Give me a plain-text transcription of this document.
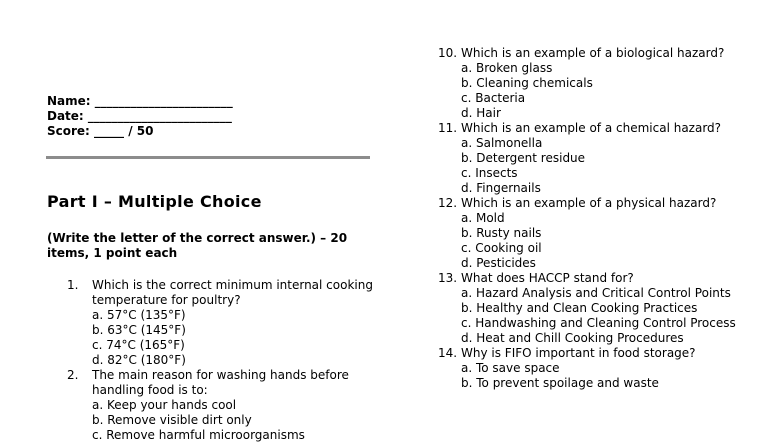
Name: _______________________
Date: ________________________
Score: _____ / 50
Part I – Multiple Choice
(Write the letter of the correct answer.) – 20 items, 1 point each
1.	Which is the correct minimum internal cooking temperature for poultry?
a. 57°C (135°F)
b. 63°C (145°F)
c. 74°C (165°F)
d. 82°C (180°F)
2.	The main reason for washing hands before handling food is to:
a. Keep your hands cool
b. Remove visible dirt only
c. Remove harmful microorganisms
10. Which is an example of a biological hazard?
a. Broken glass
b. Cleaning chemicals
c. Bacteria
d. Hair
11. Which is an example of a chemical hazard?
a. Salmonella
b. Detergent residue
c. Insects
d. Fingernails
12. Which is an example of a physical hazard?
a. Mold
b. Rusty nails
c. Cooking oil
d. Pesticides
13. What does HACCP stand for?
a. Hazard Analysis and Critical Control Points
b. Healthy and Clean Cooking Practices
c. Handwashing and Cleaning Control Process
d. Heat and Chill Cooking Procedures
14. Why is FIFO important in food storage?
a. To save space
b. To prevent spoilage and waste
